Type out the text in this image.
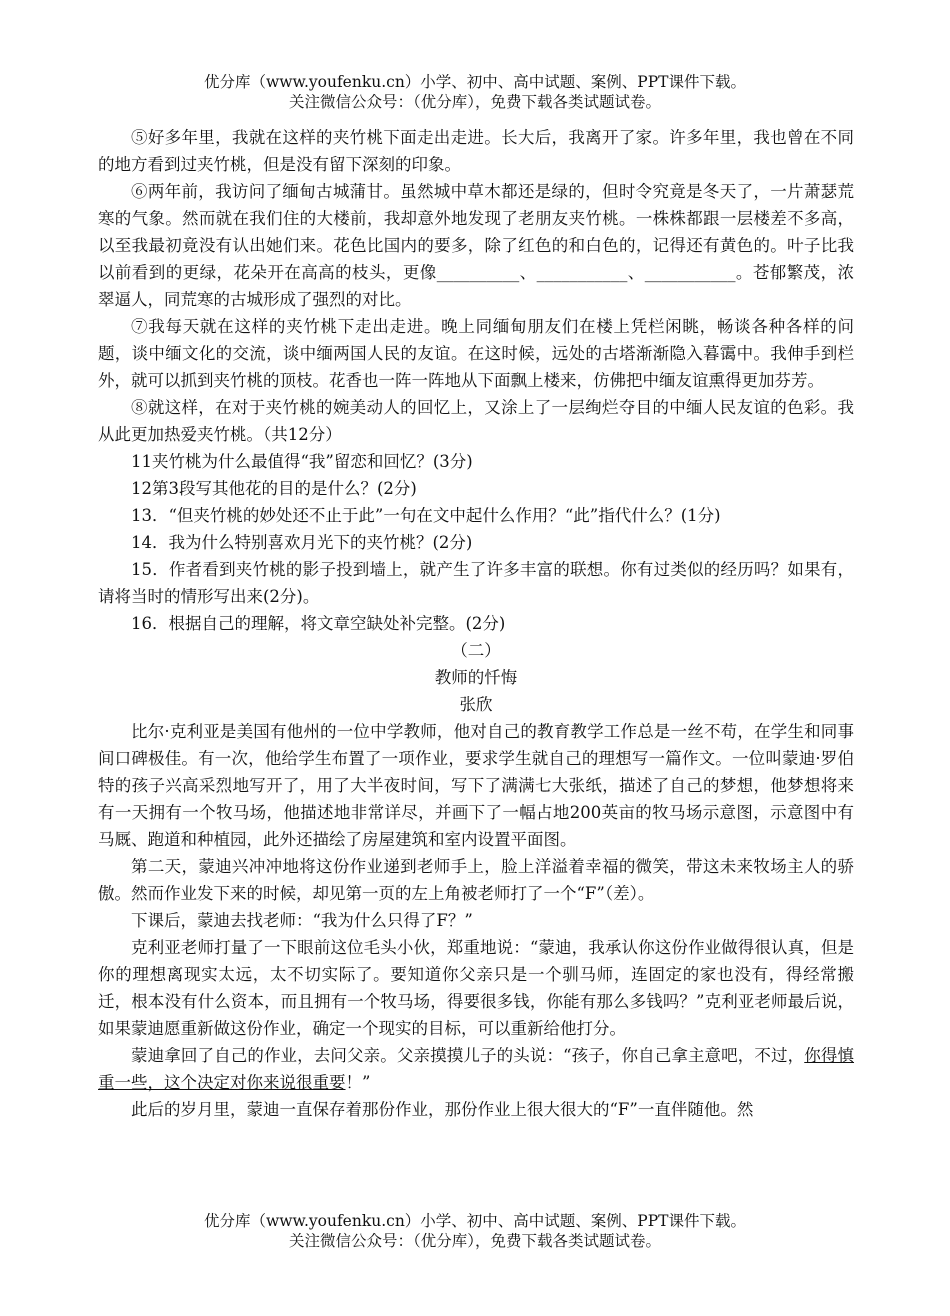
优分库（www.youfenku.cn）小学、初中、高中试题、案例、PPT课件下载。
关注微信公众号：（优分库），免费下载各类试题试卷。

⑤好多年里，我就在这样的夹竹桃下面走出走进。长大后，我离开了家。许多年里，我也曾在不同的地方看到过夹竹桃，但是没有留下深刻的印象。

⑥两年前，我访问了缅甸古城蒲甘。虽然城中草木都还是绿的，但时令究竟是冬天了，一片萧瑟荒寒的气象。然而就在我们住的大楼前，我却意外地发现了老朋友夹竹桃。一株株都跟一层楼差不多高，以至我最初竟没有认出她们来。花色比国内的要多，除了红色的和白色的，记得还有黄色的。叶子比我以前看到的更绿，花朵开在高高的枝头，更像__________、___________、___________。苍郁繁茂，浓翠逼人，同荒寒的古城形成了强烈的对比。

⑦我每天就在这样的夹竹桃下走出走进。晚上同缅甸朋友们在楼上凭栏闲眺，畅谈各种各样的问题，谈中缅文化的交流，谈中缅两国人民的友谊。在这时候，远处的古塔渐渐隐入暮霭中。我伸手到栏外，就可以抓到夹竹桃的顶枝。花香也一阵一阵地从下面飘上楼来，仿佛把中缅友谊熏得更加芬芳。

⑧就这样，在对于夹竹桃的婉美动人的回忆上，又涂上了一层绚烂夺目的中缅人民友谊的色彩。我从此更加热爱夹竹桃。（共12分）

11夹竹桃为什么最值得“我”留恋和回忆？(3分)

12第3段写其他花的目的是什么？(2分)

13．“但夹竹桃的妙处还不止于此”一句在文中起什么作用？“此”指代什么？(1分)

14．我为什么特别喜欢月光下的夹竹桃？(2分)

15．作者看到夹竹桃的影子投到墙上，就产生了许多丰富的联想。你有过类似的经历吗？如果有，请将当时的情形写出来(2分)。

16．根据自己的理解，将文章空缺处补完整。(2分)

（二）

教师的忏悔

张欣

比尔·克利亚是美国有他州的一位中学教师，他对自己的教育教学工作总是一丝不苟，在学生和同事间口碑极佳。有一次，他给学生布置了一项作业，要求学生就自己的理想写一篇作文。一位叫蒙迪·罗伯特的孩子兴高采烈地写开了，用了大半夜时间，写下了满满七大张纸，描述了自己的梦想，他梦想将来有一天拥有一个牧马场，他描述地非常详尽，并画下了一幅占地200英亩的牧马场示意图，示意图中有马厩、跑道和种植园，此外还描绘了房屋建筑和室内设置平面图。

第二天，蒙迪兴冲冲地将这份作业递到老师手上，脸上洋溢着幸福的微笑，带这未来牧场主人的骄傲。然而作业发下来的时候，却见第一页的左上角被老师打了一个“F”（差）。

下课后，蒙迪去找老师：“我为什么只得了F？”

克利亚老师打量了一下眼前这位毛头小伙，郑重地说：“蒙迪，我承认你这份作业做得很认真，但是你的理想离现实太远，太不切实际了。要知道你父亲只是一个驯马师，连固定的家也没有，得经常搬迁，根本没有什么资本，而且拥有一个牧马场，得要很多钱，你能有那么多钱吗？”克利亚老师最后说，如果蒙迪愿重新做这份作业，确定一个现实的目标，可以重新给他打分。

蒙迪拿回了自己的作业，去问父亲。父亲摸摸儿子的头说：“孩子，你自己拿主意吧，不过，你得慎重一些，这个决定对你来说很重要！”

此后的岁月里，蒙迪一直保存着那份作业，那份作业上很大很大的“F”一直伴随他。然

优分库（www.youfenku.cn）小学、初中、高中试题、案例、PPT课件下载。
关注微信公众号：（优分库），免费下载各类试题试卷。
